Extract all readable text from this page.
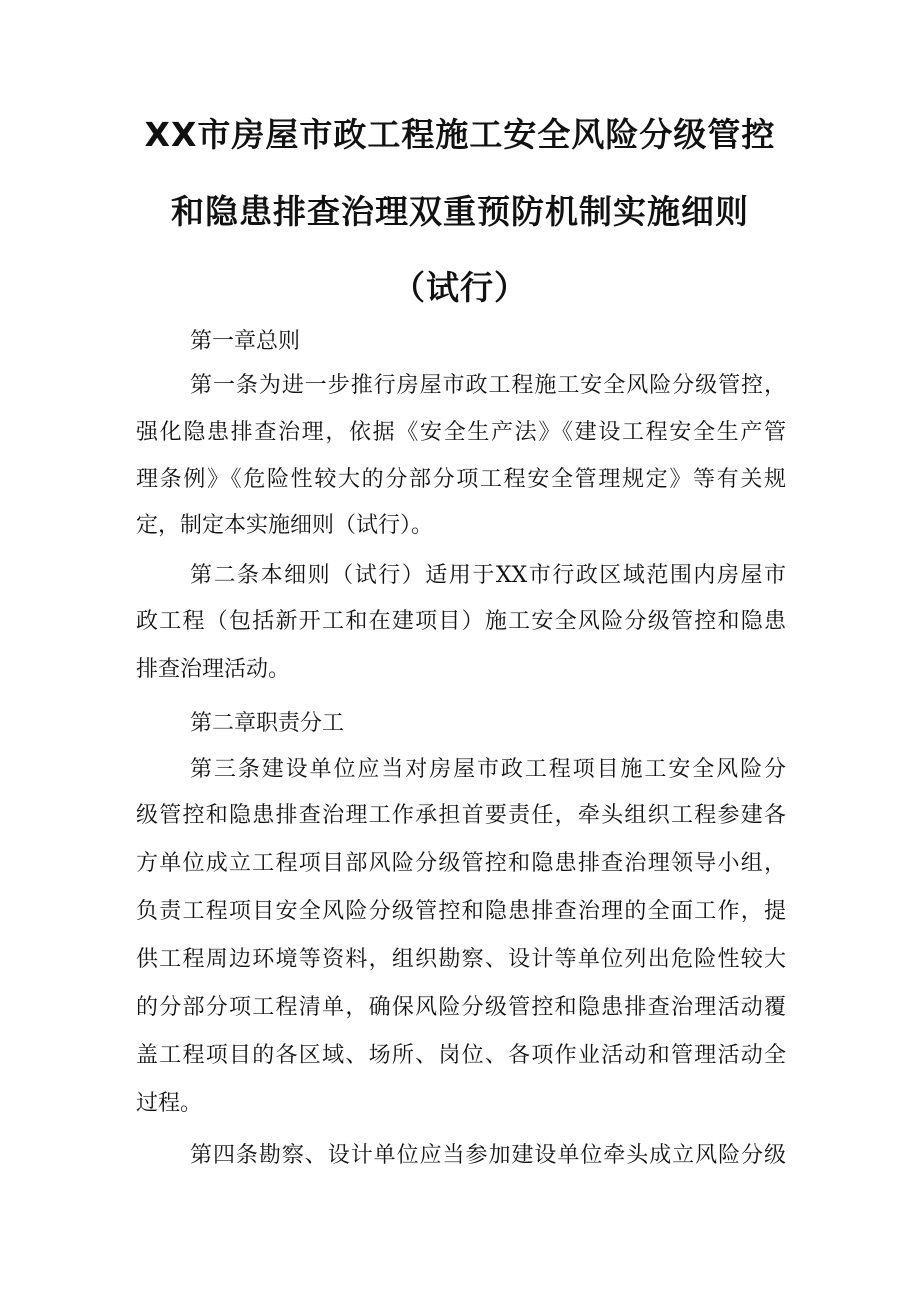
XX市房屋市政工程施工安全风险分级管控
和隐患排查治理双重预防机制实施细则
（试行）
第一章总则
第一条为进一步推行房屋市政工程施工安全风险分级管控，
强化隐患排查治理，依据《安全生产法》《建设工程安全生产管
理条例》《危险性较大的分部分项工程安全管理规定》等有关规
定，制定本实施细则（试行）。
第二条本细则（试行）适用于XX市行政区域范围内房屋市
政工程（包括新开工和在建项目）施工安全风险分级管控和隐患
排查治理活动。
第二章职责分工
第三条建设单位应当对房屋市政工程项目施工安全风险分
级管控和隐患排查治理工作承担首要责任，牵头组织工程参建各
方单位成立工程项目部风险分级管控和隐患排查治理领导小组，
负责工程项目安全风险分级管控和隐患排查治理的全面工作，提
供工程周边环境等资料，组织勘察、设计等单位列出危险性较大
的分部分项工程清单，确保风险分级管控和隐患排查治理活动覆
盖工程项目的各区域、场所、岗位、各项作业活动和管理活动全
过程。
第四条勘察、设计单位应当参加建设单位牵头成立风险分级
